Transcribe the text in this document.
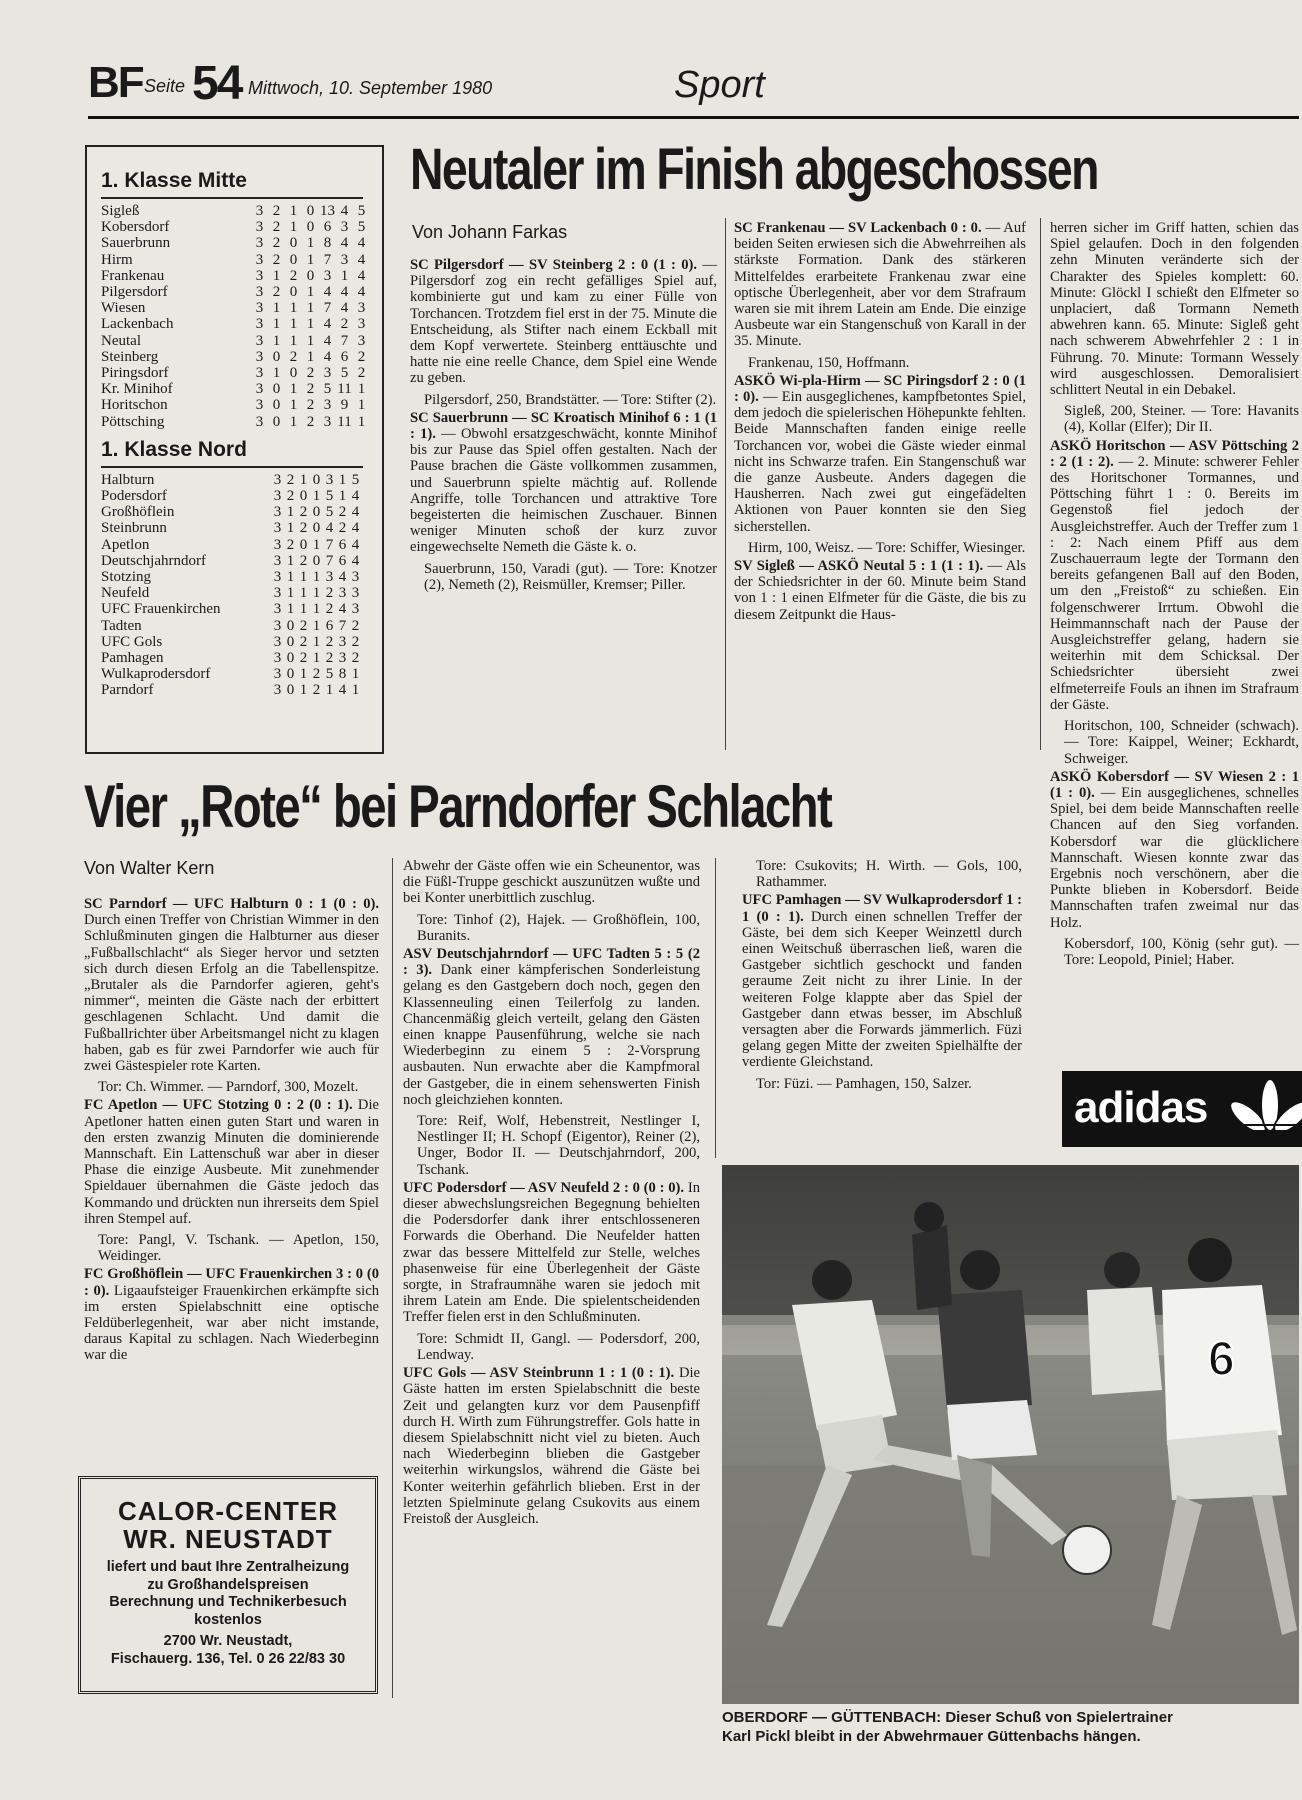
BF Seite 54 Mittwoch, 10. September 1980	Sport
1. Klasse Mitte
Sigleß	3	2	1	0	13	4	5
Kobersdorf	3	2	1	0	6	3	5
Sauerbrunn	3	2	0	1	8	4	4
Hirm	3	2	0	1	7	3	4
Frankenau	3	1	2	0	3	1	4
Pilgersdorf	3	2	0	1	4	4	4
Wiesen	3	1	1	1	7	4	3
Lackenbach	3	1	1	1	4	2	3
Neutal	3	1	1	1	4	7	3
Steinberg	3	0	2	1	4	6	2
Piringsdorf	3	1	0	2	3	5	2
Kr. Minihof	3	0	1	2	5	11	1
Horitschon	3	0	1	2	3	9	1
Pöttsching	3	0	1	2	3	11	1
1. Klasse Nord
Halbturn	3	2	1	0	3	1	5
Podersdorf	3	2	0	1	5	1	4
Großhöflein	3	1	2	0	5	2	4
Steinbrunn	3	1	2	0	4	2	4
Apetlon	3	2	0	1	7	6	4
Deutschjahrndorf	3	1	2	0	7	6	4
Stotzing	3	1	1	1	3	4	3
Neufeld	3	1	1	1	2	3	3
UFC Frauenkirchen	3	1	1	1	2	4	3
Tadten	3	0	2	1	6	7	2
UFC Gols	3	0	2	1	2	3	2
Pamhagen	3	0	2	1	2	3	2
Wulkaprodersdorf	3	0	1	2	5	8	1
Parndorf	3	0	1	2	1	4	1
Neutaler im Finish abgeschossen
Von Johann Farkas

SC Pilgersdorf — SV Steinberg 2 : 0 (1 : 0). — Pilgersdorf zog ein recht gefälliges Spiel auf, kombinierte gut und kam zu einer Fülle von Torchancen. Trotzdem fiel erst in der 75. Minute die Entscheidung, als Stifter nach einem Eckball mit dem Kopf verwertete. Steinberg enttäuschte und hatte nie eine reelle Chance, dem Spiel eine Wende zu geben.

Pilgersdorf, 250, Brandstätter. — Tore: Stifter (2).

SC Sauerbrunn — SC Kroatisch Minihof 6 : 1 (1 : 1). — Obwohl ersatzgeschwächt, konnte Minihof bis zur Pause das Spiel offen gestalten. Nach der Pause brachen die Gäste vollkommen zusammen, und Sauerbrunn spielte mächtig auf. Rollende Angriffe, tolle Torchancen und attraktive Tore begeisterten die heimischen Zuschauer. Binnen weniger Minuten schoß der kurz zuvor eingewechselte Nemeth die Gäste k. o.

Sauerbrunn, 150, Varadi (gut). — Tore: Knotzer (2), Nemeth (2), Reismüller, Kremser; Piller.

SC Frankenau — SV Lackenbach 0 : 0. — Auf beiden Seiten erwiesen sich die Abwehrreihen als stärkste Formation. Dank des stärkeren Mittelfeldes erarbeitete Frankenau zwar eine optische Überlegenheit, aber vor dem Strafraum waren sie mit ihrem Latein am Ende. Die einzige Ausbeute war ein Stangenschuß von Karall in der 35. Minute.

Frankenau, 150, Hoffmann.

ASKÖ Wi-pla-Hirm — SC Piringsdorf 2 : 0 (1 : 0). — Ein ausgeglichenes, kampfbetontes Spiel, dem jedoch die spielerischen Höhepunkte fehlten. Beide Mannschaften fanden einige reelle Torchancen vor, wobei die Gäste wieder einmal nicht ins Schwarze trafen. Ein Stangenschuß war die ganze Ausbeute. Anders dagegen die Hausherren. Nach zwei gut eingefädelten Aktionen von Pauer konnten sie den Sieg sicherstellen.

Hirm, 100, Weisz. — Tore: Schiffer, Wiesinger.

SV Sigleß — ASKÖ Neutal 5 : 1 (1 : 1). — Als der Schiedsrichter in der 60. Minute beim Stand von 1 : 1 einen Elfmeter für die Gäste, die bis zu diesem Zeitpunkt die Haus-

herren sicher im Griff hatten, schien das Spiel gelaufen. Doch in den folgenden zehn Minuten veränderte sich der Charakter des Spieles komplett: 60. Minute: Glöckl I schießt den Elfmeter so unplaciert, daß Tormann Nemeth abwehren kann. 65. Minute: Sigleß geht nach schwerem Abwehrfehler 2 : 1 in Führung. 70. Minute: Tormann Wessely wird ausgeschlossen. Demoralisiert schlittert Neutal in ein Debakel.

Sigleß, 200, Steiner. — Tore: Havanits (4), Kollar (Elfer); Dir II.

ASKÖ Horitschon — ASV Pöttsching 2 : 2 (1 : 2). — 2. Minute: schwerer Fehler des Horitschoner Tormannes, und Pöttsching führt 1 : 0. Bereits im Gegenstoß fiel jedoch der Ausgleichstreffer. Auch der Treffer zum 1 : 2: Nach einem Pfiff aus dem Zuschauerraum legte der Tormann den bereits gefangenen Ball auf den Boden, um den „Freistoß“ zu schießen. Ein folgenschwerer Irrtum. Obwohl die Heimmannschaft nach der Pause der Ausgleichstreffer gelang, hadern sie weiterhin mit dem Schicksal. Der Schiedsrichter übersieht zwei elfmeterreife Fouls an ihnen im Strafraum der Gäste.

Horitschon, 100, Schneider (schwach). — Tore: Kaippel, Weiner; Eckhardt, Schweiger.

ASKÖ Kobersdorf — SV Wiesen 2 : 1 (1 : 0). — Ein ausgeglichenes, schnelles Spiel, bei dem beide Mannschaften reelle Chancen auf den Sieg vorfanden. Kobersdorf war die glücklichere Mannschaft. Wiesen konnte zwar das Ergebnis noch verschönern, aber die Punkte blieben in Kobersdorf. Beide Mannschaften trafen zweimal nur das Holz.

Kobersdorf, 100, König (sehr gut). — Tore: Leopold, Piniel; Haber.

Vier „Rote“ bei Parndorfer Schlacht
Von Walter Kern

SC Parndorf — UFC Halbturn 0 : 1 (0 : 0). Durch einen Treffer von Christian Wimmer in den Schlußminuten gingen die Halbturner aus dieser „Fußballschlacht“ als Sieger hervor und setzten sich durch diesen Erfolg an die Tabellenspitze. „Brutaler als die Parndorfer agieren, geht's nimmer“, meinten die Gäste nach der erbittert geschlagenen Schlacht. Und damit die Fußballrichter über Arbeitsmangel nicht zu klagen haben, gab es für zwei Parndorfer wie auch für zwei Gästespieler rote Karten.

Tor: Ch. Wimmer. — Parndorf, 300, Mozelt.

FC Apetlon — UFC Stotzing 0 : 2 (0 : 1). Die Apetloner hatten einen guten Start und waren in den ersten zwanzig Minuten die dominierende Mannschaft. Ein Lattenschuß war aber in dieser Phase die einzige Ausbeute. Mit zunehmender Spieldauer übernahmen die Gäste jedoch das Kommando und drückten nun ihrerseits dem Spiel ihren Stempel auf.

Tore: Pangl, V. Tschank. — Apetlon, 150, Weidinger.

FC Großhöflein — UFC Frauenkirchen 3 : 0 (0 : 0). Ligaaufsteiger Frauenkirchen erkämpfte sich im ersten Spielabschnitt eine optische Feldüberlegenheit, war aber nicht imstande, daraus Kapital zu schlagen. Nach Wiederbeginn war die

Abwehr der Gäste offen wie ein Scheunentor, was die Füßl-Truppe geschickt auszunützen wußte und bei Konter unerbittlich zuschlug.

Tore: Tinhof (2), Hajek. — Großhöflein, 100, Buranits.

ASV Deutschjahrndorf — UFC Tadten 5 : 5 (2 : 3). Dank einer kämpferischen Sonderleistung gelang es den Gastgebern doch noch, gegen den Klassenneuling einen Teilerfolg zu landen. Chancenmäßig gleich verteilt, gelang den Gästen einen knappe Pausenführung, welche sie nach Wiederbeginn zu einem 5 : 2-Vorsprung ausbauten. Nun erwachte aber die Kampfmoral der Gastgeber, die in einem sehenswerten Finish noch gleichziehen konnten.

Tore: Reif, Wolf, Hebenstreit, Nestlinger I, Nestlinger II; H. Schopf (Eigentor), Reiner (2), Unger, Bodor II. — Deutschjahrndorf, 200, Tschank.

UFC Podersdorf — ASV Neufeld 2 : 0 (0 : 0). In dieser abwechslungsreichen Begegnung behielten die Podersdorfer dank ihrer entschlosseneren Forwards die Oberhand. Die Neufelder hatten zwar das bessere Mittelfeld zur Stelle, welches phasenweise für eine Überlegenheit der Gäste sorgte, in Strafraumnähe waren sie jedoch mit ihrem Latein am Ende. Die spielentscheidenden Treffer fielen erst in den Schlußminuten.

Tore: Schmidt II, Gangl. — Podersdorf, 200, Lendway.

UFC Gols — ASV Steinbrunn 1 : 1 (0 : 1). Die Gäste hatten im ersten Spielabschnitt die beste Zeit und gelangten kurz vor dem Pausenpfiff durch H. Wirth zum Führungstreffer. Gols hatte in diesem Spielabschnitt nicht viel zu bieten. Auch nach Wiederbeginn blieben die Gastgeber weiterhin wirkungslos, während die Gäste bei Konter weiterhin gefährlich blieben. Erst in der letzten Spielminute gelang Csukovits aus einem Freistoß der Ausgleich.

Tore: Csukovits; H. Wirth. — Gols, 100, Rathammer.

UFC Pamhagen — SV Wulkaprodersdorf 1 : 1 (0 : 1). Durch einen schnellen Treffer der Gäste, bei dem sich Keeper Weinzettl durch einen Weitschuß überraschen ließ, waren die Gastgeber sichtlich geschockt und fanden geraume Zeit nicht zu ihrer Linie. In der weiteren Folge klappte aber das Spiel der Gastgeber dann etwas besser, im Abschluß versagten aber die Forwards jämmerlich. Füzi gelang gegen Mitte der zweiten Spielhälfte der verdiente Gleichstand.

Tor: Füzi. — Pamhagen, 150, Salzer.

CALOR-CENTER
WR. NEUSTADT
liefert und baut Ihre Zentralheizung
zu Großhandelspreisen
Berechnung und Technikerbesuch
kostenlos
2700 Wr. Neustadt,
Fischauerg. 136, Tel. 0 26 22/83 30
adidas
6
OBERDORF — GÜTTENBACH: Dieser Schuß von Spielertrainer
Karl Pickl bleibt in der Abwehrmauer Güttenbachs hängen.
